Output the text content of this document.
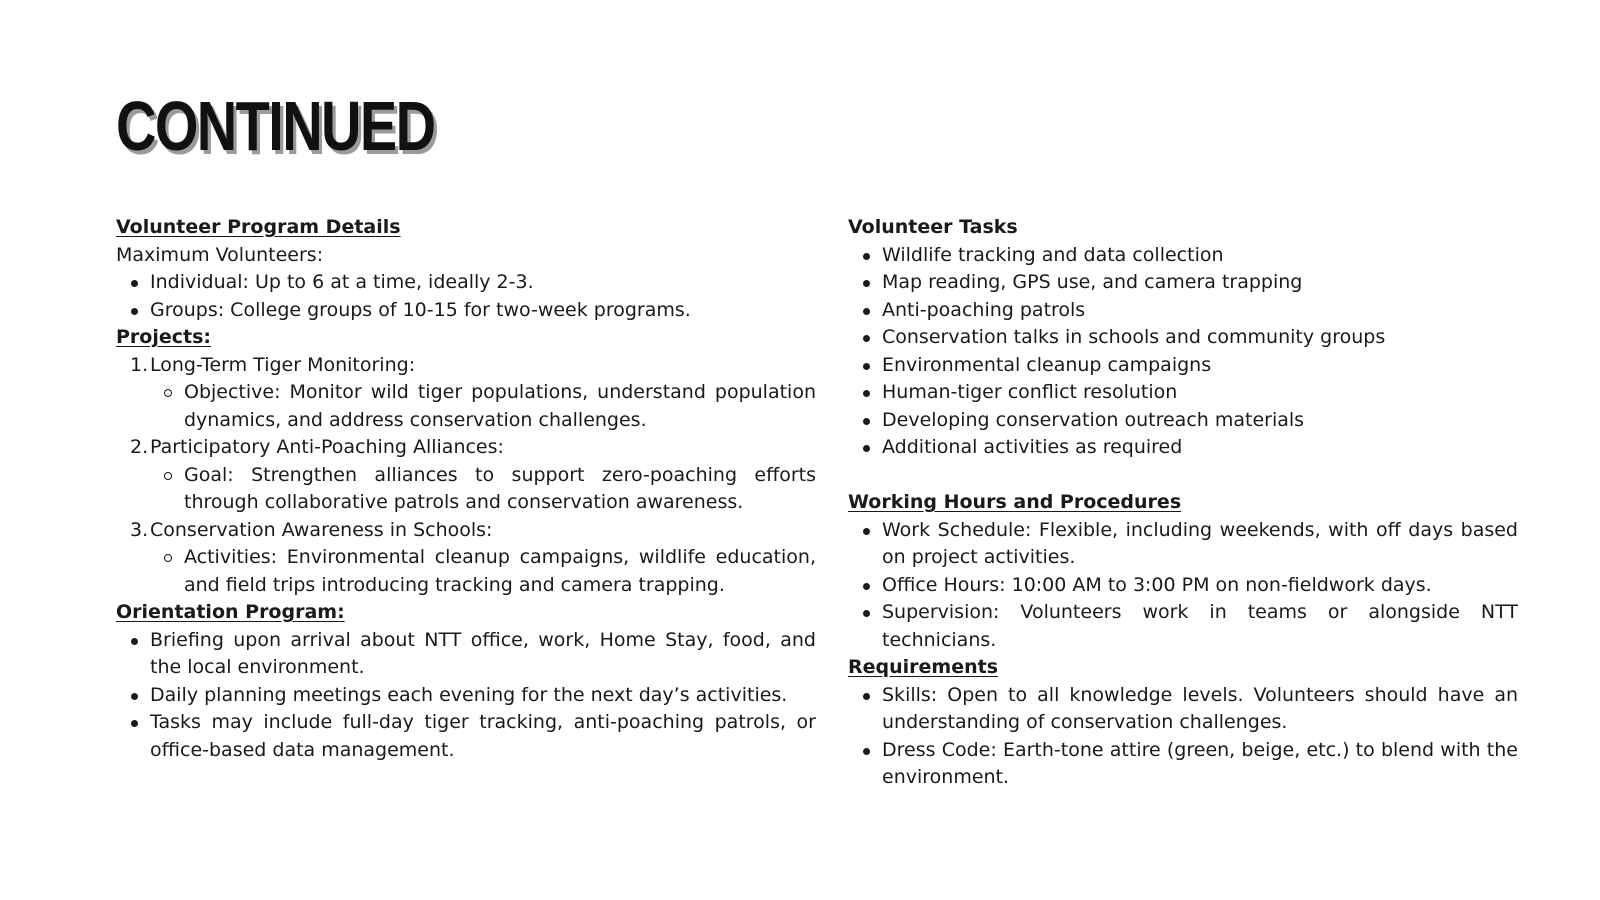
CONTINUED
Volunteer Program Details
Maximum Volunteers:
Individual: Up to 6 at a time, ideally 2-3.
Groups: College groups of 10-15 for two-week programs.
Projects:
1. Long-Term Tiger Monitoring:
Objective: Monitor wild tiger populations, understand population dynamics, and address conservation challenges.
2. Participatory Anti-Poaching Alliances:
Goal: Strengthen alliances to support zero-poaching efforts through collaborative patrols and conservation awareness.
3. Conservation Awareness in Schools:
Activities: Environmental cleanup campaigns, wildlife education, and field trips introducing tracking and camera trapping.
Orientation Program:
Briefing upon arrival about NTT office, work, Home Stay, food, and the local environment.
Daily planning meetings each evening for the next day’s activities.
Tasks may include full-day tiger tracking, anti-poaching patrols, or office-based data management.
Volunteer Tasks
Wildlife tracking and data collection
Map reading, GPS use, and camera trapping
Anti-poaching patrols
Conservation talks in schools and community groups
Environmental cleanup campaigns
Human-tiger conflict resolution
Developing conservation outreach materials
Additional activities as required
Working Hours and Procedures
Work Schedule: Flexible, including weekends, with off days based on project activities.
Office Hours: 10:00 AM to 3:00 PM on non-fieldwork days.
Supervision: Volunteers work in teams or alongside NTT technicians.
Requirements
Skills: Open to all knowledge levels. Volunteers should have an understanding of conservation challenges.
Dress Code: Earth-tone attire (green, beige, etc.) to blend with the environment.
